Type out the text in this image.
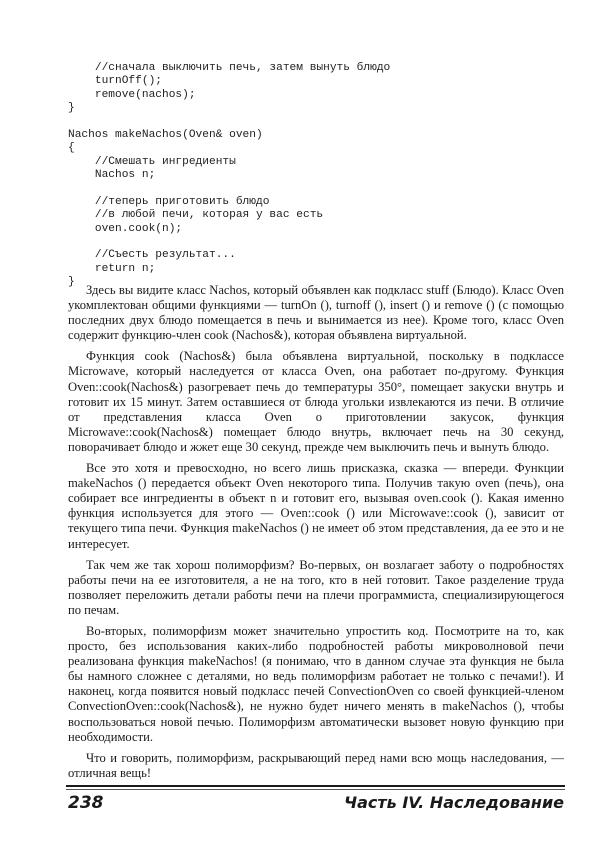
//сначала выключить печь, затем вынуть блюдо
turnOff();
remove(nachos);
}
Nachos makeNachos(Oven& oven)
{
//Смешать ингредиенты
Nachos n;
//теперь приготовить блюдо
//в любой печи, которая у вас есть
oven.cook(n);
//Съесть результат...
return n;
}

Здесь вы видите класс Nachos, который объявлен как подкласс stuff (Блюдо). Класс Oven укомплектован общими функциями — turnOn (), turnoff (), insert () и remove () (с помощью последних двух блюдо помещается в печь и вынимается из нее). Кроме того, класс Oven содержит функцию-член cook (Nachos&), которая объявлена виртуальной.

Функция cook (Nachos&) была объявлена виртуальной, поскольку в подклассе Microwave, который наследуется от класса Oven, она работает по-другому. Функция Oven::cook(Nachos&) разогревает печь до температуры 350°, помещает закуски внутрь и готовит их 15 минут. Затем оставшиеся от блюда угольки извлекаются из печи. В отличие от представления класса Oven о приготовлении закусок, функция Microwave::cook(Nachos&) помещает блюдо внутрь, включает печь на 30 секунд, поворачивает блюдо и жжет еще 30 секунд, прежде чем выключить печь и вынуть блюдо.

Все это хотя и превосходно, но всего лишь присказка, сказка — впереди. Функции makeNachos () передается объект Oven некоторого типа. Получив такую oven (печь), она собирает все ингредиенты в объект n и готовит его, вызывая oven.cook (). Какая именно функция используется для этого — Oven::cook () или Microwave::cook (), зависит от текущего типа печи. Функция makeNachos () не имеет об этом представления, да ее это и не интересует.

Так чем же так хорош полиморфизм? Во-первых, он возлагает заботу о подробностях работы печи на ее изготовителя, а не на того, кто в ней готовит. Такое разделение труда позволяет переложить детали работы печи на плечи программиста, специализирующегося по печам.

Во-вторых, полиморфизм может значительно упростить код. Посмотрите на то, как просто, без использования каких-либо подробностей работы микроволновой печи реализована функция makeNachos! (я понимаю, что в данном случае эта функция не была бы намного сложнее с деталями, но ведь полиморфизм работает не только с печами!). И наконец, когда появится новый подкласс печей ConvectionOven со своей функцией-членом ConvectionOven::cook(Nachos&), не нужно будет ничего менять в makeNachos (), чтобы воспользоваться новой печью. Полиморфизм автоматически вызовет новую функцию при необходимости.

Что и говорить, полиморфизм, раскрывающий перед нами всю мощь наследования, — отличная вещь!

238	Часть IV. Наследование
